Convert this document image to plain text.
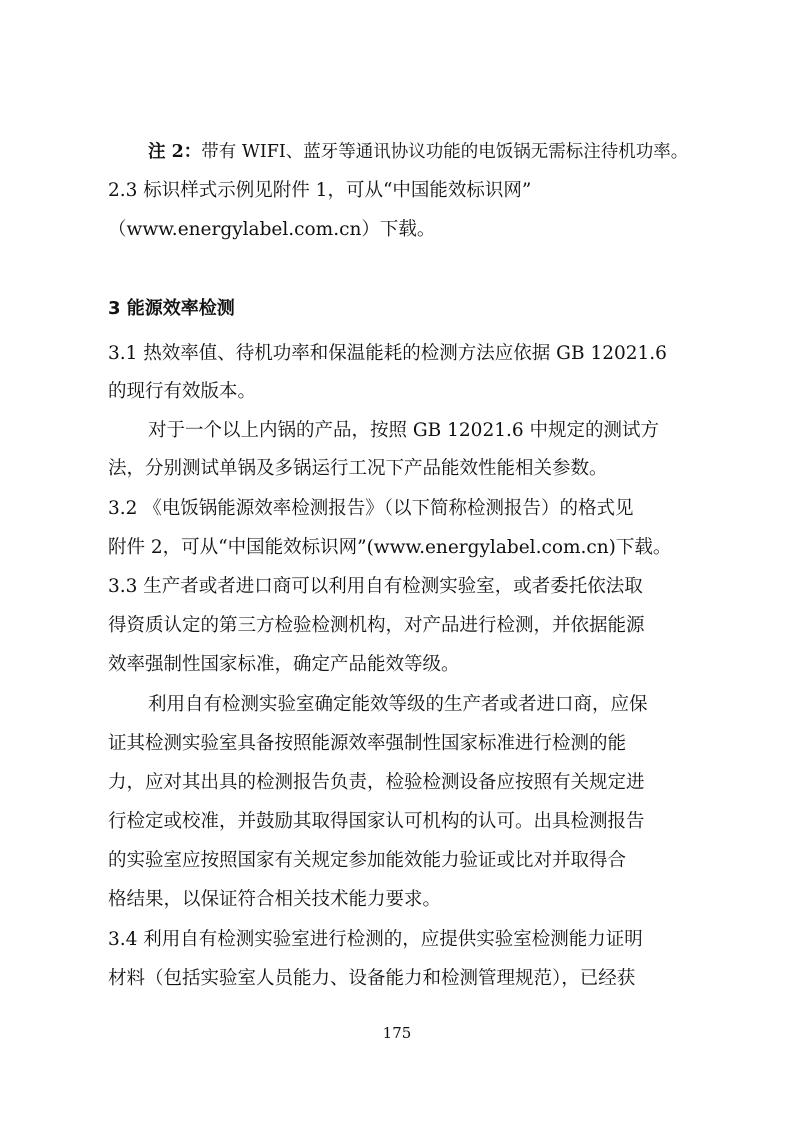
注 2：带有 WIFI、蓝牙等通讯协议功能的电饭锅无需标注待机功率。
2.3 标识样式示例见附件 1，可从“中国能效标识网”
（www.energylabel.com.cn）下载。
3 能源效率检测
3.1 热效率值、待机功率和保温能耗的检测方法应依据 GB 12021.6
的现行有效版本。
对于一个以上内锅的产品，按照 GB 12021.6 中规定的测试方
法，分别测试单锅及多锅运行工况下产品能效性能相关参数。
3.2 《电饭锅能源效率检测报告》（以下简称检测报告）的格式见
附件 2，可从“中国能效标识网”(www.energylabel.com.cn)下载。
3.3 生产者或者进口商可以利用自有检测实验室，或者委托依法取
得资质认定的第三方检验检测机构，对产品进行检测，并依据能源
效率强制性国家标准，确定产品能效等级。
利用自有检测实验室确定能效等级的生产者或者进口商，应保
证其检测实验室具备按照能源效率强制性国家标准进行检测的能
力，应对其出具的检测报告负责，检验检测设备应按照有关规定进
行检定或校准，并鼓励其取得国家认可机构的认可。出具检测报告
的实验室应按照国家有关规定参加能效能力验证或比对并取得合
格结果，以保证符合相关技术能力要求。
3.4 利用自有检测实验室进行检测的，应提供实验室检测能力证明
材料（包括实验室人员能力、设备能力和检测管理规范），已经获
175
